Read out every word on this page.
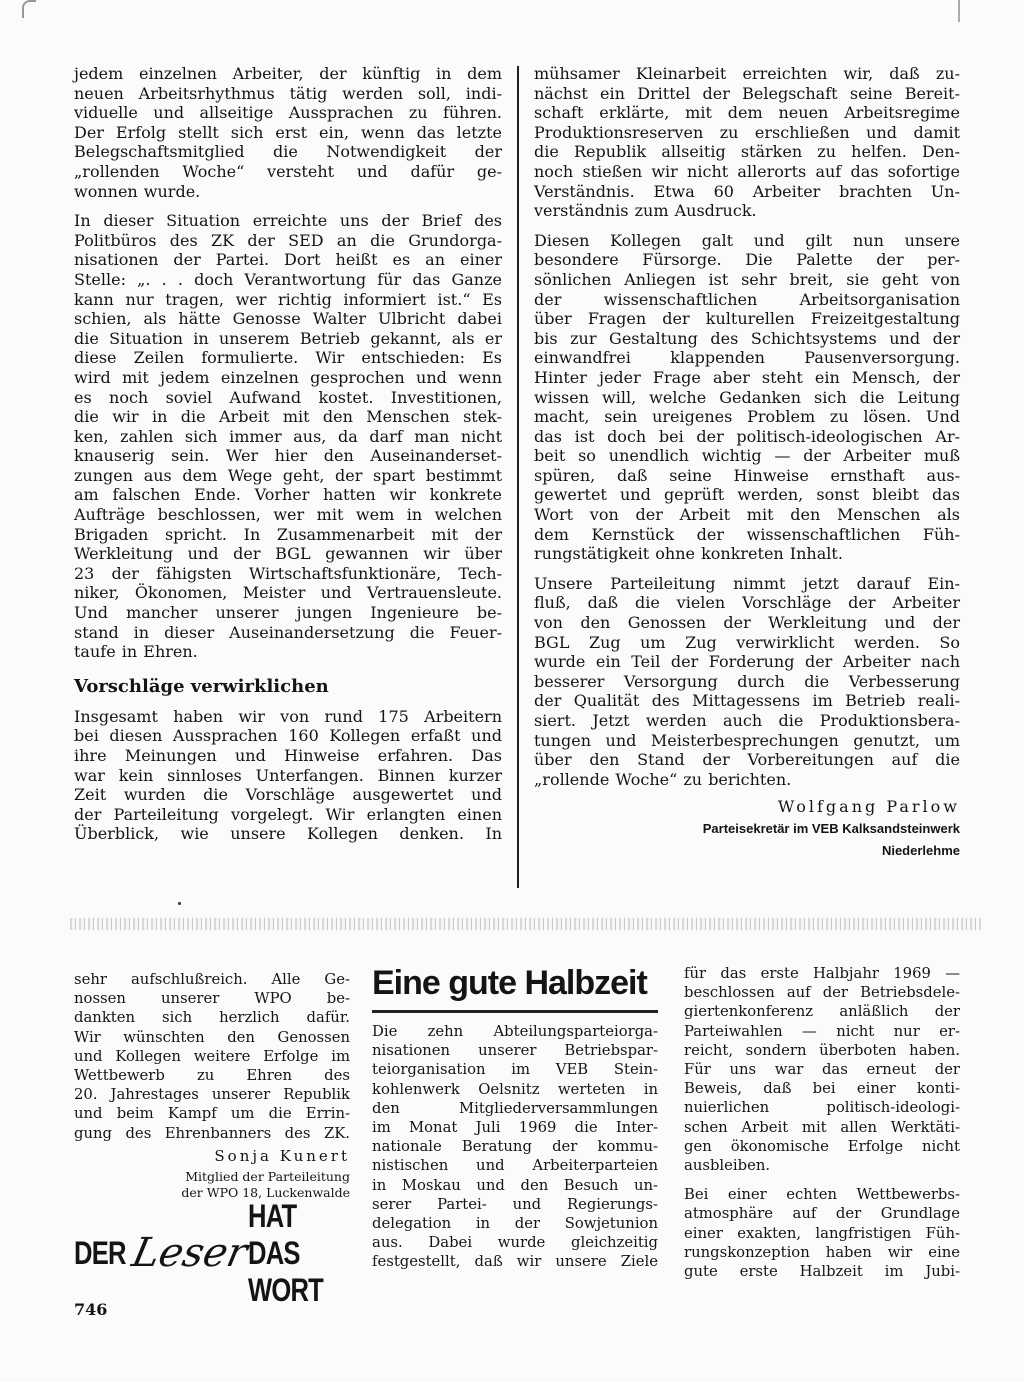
jedem einzelnen Arbeiter, der künftig in dem
neuen Arbeitsrhythmus tätig werden soll, indi-
viduelle und allseitige Aussprachen zu führen.
Der Erfolg stellt sich erst ein, wenn das letzte
Belegschaftsmitglied die Notwendigkeit der
„rollenden Woche“ versteht und dafür ge-
wonnen wurde.

In dieser Situation erreichte uns der Brief des
Politbüros des ZK der SED an die Grundorga-
nisationen der Partei. Dort heißt es an einer
Stelle: „. . . doch Verantwortung für das Ganze
kann nur tragen, wer richtig informiert ist.“ Es
schien, als hätte Genosse Walter Ulbricht dabei
die Situation in unserem Betrieb gekannt, als er
diese Zeilen formulierte. Wir entschieden: Es
wird mit jedem einzelnen gesprochen und wenn
es noch soviel Aufwand kostet. Investitionen,
die wir in die Arbeit mit den Menschen stek-
ken, zahlen sich immer aus, da darf man nicht
knauserig sein. Wer hier den Auseinanderset-
zungen aus dem Wege geht, der spart bestimmt
am falschen Ende. Vorher hatten wir konkrete
Aufträge beschlossen, wer mit wem in welchen
Brigaden spricht. In Zusammenarbeit mit der
Werkleitung und der BGL gewannen wir über
23 der fähigsten Wirtschaftsfunktionäre, Tech-
niker, Ökonomen, Meister und Vertrauensleute.
Und mancher unserer jungen Ingenieure be-
stand in dieser Auseinandersetzung die Feuer-
taufe in Ehren.

Vorschläge verwirklichen

Insgesamt haben wir von rund 175 Arbeitern
bei diesen Aussprachen 160 Kollegen erfaßt und
ihre Meinungen und Hinweise erfahren. Das
war kein sinnloses Unterfangen. Binnen kurzer
Zeit wurden die Vorschläge ausgewertet und
der Parteileitung vorgelegt. Wir erlangten einen
Überblick, wie unsere Kollegen denken. In

mühsamer Kleinarbeit erreichten wir, daß zu-
nächst ein Drittel der Belegschaft seine Bereit-
schaft erklärte, mit dem neuen Arbeitsregime
Produktionsreserven zu erschließen und damit
die Republik allseitig stärken zu helfen. Den-
noch stießen wir nicht allerorts auf das sofortige
Verständnis. Etwa 60 Arbeiter brachten Un-
verständnis zum Ausdruck.

Diesen Kollegen galt und gilt nun unsere
besondere Fürsorge. Die Palette der per-
sönlichen Anliegen ist sehr breit, sie geht von
der wissenschaftlichen Arbeitsorganisation
über Fragen der kulturellen Freizeitgestaltung
bis zur Gestaltung des Schichtsystems und der
einwandfrei klappenden Pausenversorgung.
Hinter jeder Frage aber steht ein Mensch, der
wissen will, welche Gedanken sich die Leitung
macht, sein ureigenes Problem zu lösen. Und
das ist doch bei der politisch-ideologischen Ar-
beit so unendlich wichtig — der Arbeiter muß
spüren, daß seine Hinweise ernsthaft aus-
gewertet und geprüft werden, sonst bleibt das
Wort von der Arbeit mit den Menschen als
dem Kernstück der wissenschaftlichen Füh-
rungstätigkeit ohne konkreten Inhalt.

Unsere Parteileitung nimmt jetzt darauf Ein-
fluß, daß die vielen Vorschläge der Arbeiter
von den Genossen der Werkleitung und der
BGL Zug um Zug verwirklicht werden. So
wurde ein Teil der Forderung der Arbeiter nach
besserer Versorgung durch die Verbesserung
der Qualität des Mittagessens im Betrieb reali-
siert. Jetzt werden auch die Produktionsbera-
tungen und Meisterbesprechungen genutzt, um
über den Stand der Vorbereitungen auf die
„rollende Woche“ zu berichten.

Wolfgang Parlow
Parteisekretär im VEB Kalksandsteinwerk
Niederlehme

sehr aufschlußreich. Alle Ge-
nossen unserer WPO be-
dankten sich herzlich dafür.
Wir wünschten den Genossen
und Kollegen weitere Erfolge im
Wettbewerb zu Ehren des
20. Jahrestages unserer Republik
und beim Kampf um die Errin-
gung des Ehrenbanners des ZK.

Sonja Kunert
Mitglied der Parteileitung
der WPO 18, Luckenwalde
DER Leser
HAT DAS WORT
746
Eine gute Halbzeit

Die zehn Abteilungsparteiorga-
nisationen unserer Betriebspar-
teiorganisation im VEB Stein-
kohlenwerk Oelsnitz werteten in
den Mitgliederversammlungen
im Monat Juli 1969 die Inter-
nationale Beratung der kommu-
nistischen und Arbeiterparteien
in Moskau und den Besuch un-
serer Partei- und Regierungs-
delegation in der Sowjetunion
aus. Dabei wurde gleichzeitig
festgestellt, daß wir unsere Ziele

für das erste Halbjahr 1969 —
beschlossen auf der Betriebsdele-
giertenkonferenz anläßlich der
Parteiwahlen — nicht nur er-
reicht, sondern überboten haben.
Für uns war das erneut der
Beweis, daß bei einer konti-
nuierlichen politisch-ideologi-
schen Arbeit mit allen Werktäti-
gen ökonomische Erfolge nicht
ausbleiben.

Bei einer echten Wettbewerbs-
atmosphäre auf der Grundlage
einer exakten, langfristigen Füh-
rungskonzeption haben wir eine
gute erste Halbzeit im Jubi-
